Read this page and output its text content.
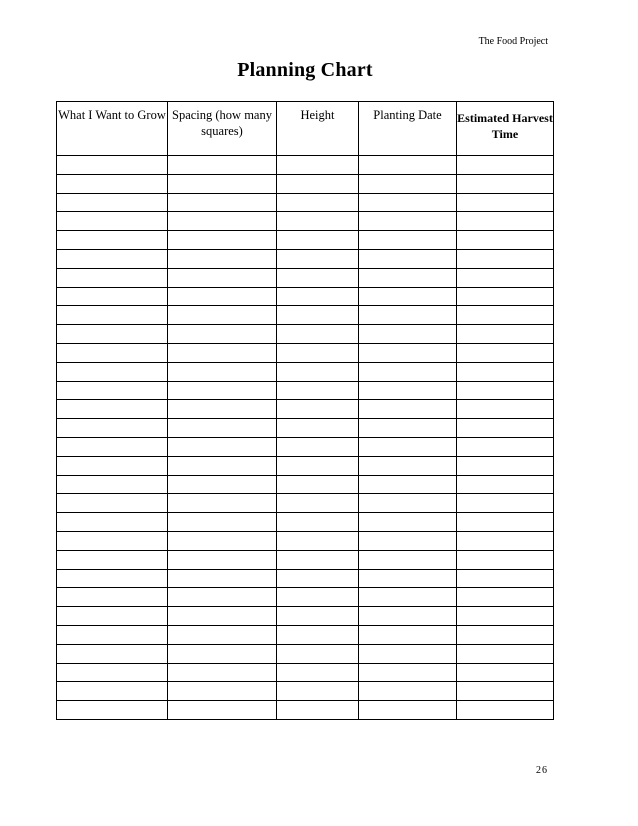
The Food Project
Planning Chart
What I Want to Grow	Spacing (how many squares)	Height	Planting Date	Estimated Harvest Time

26
